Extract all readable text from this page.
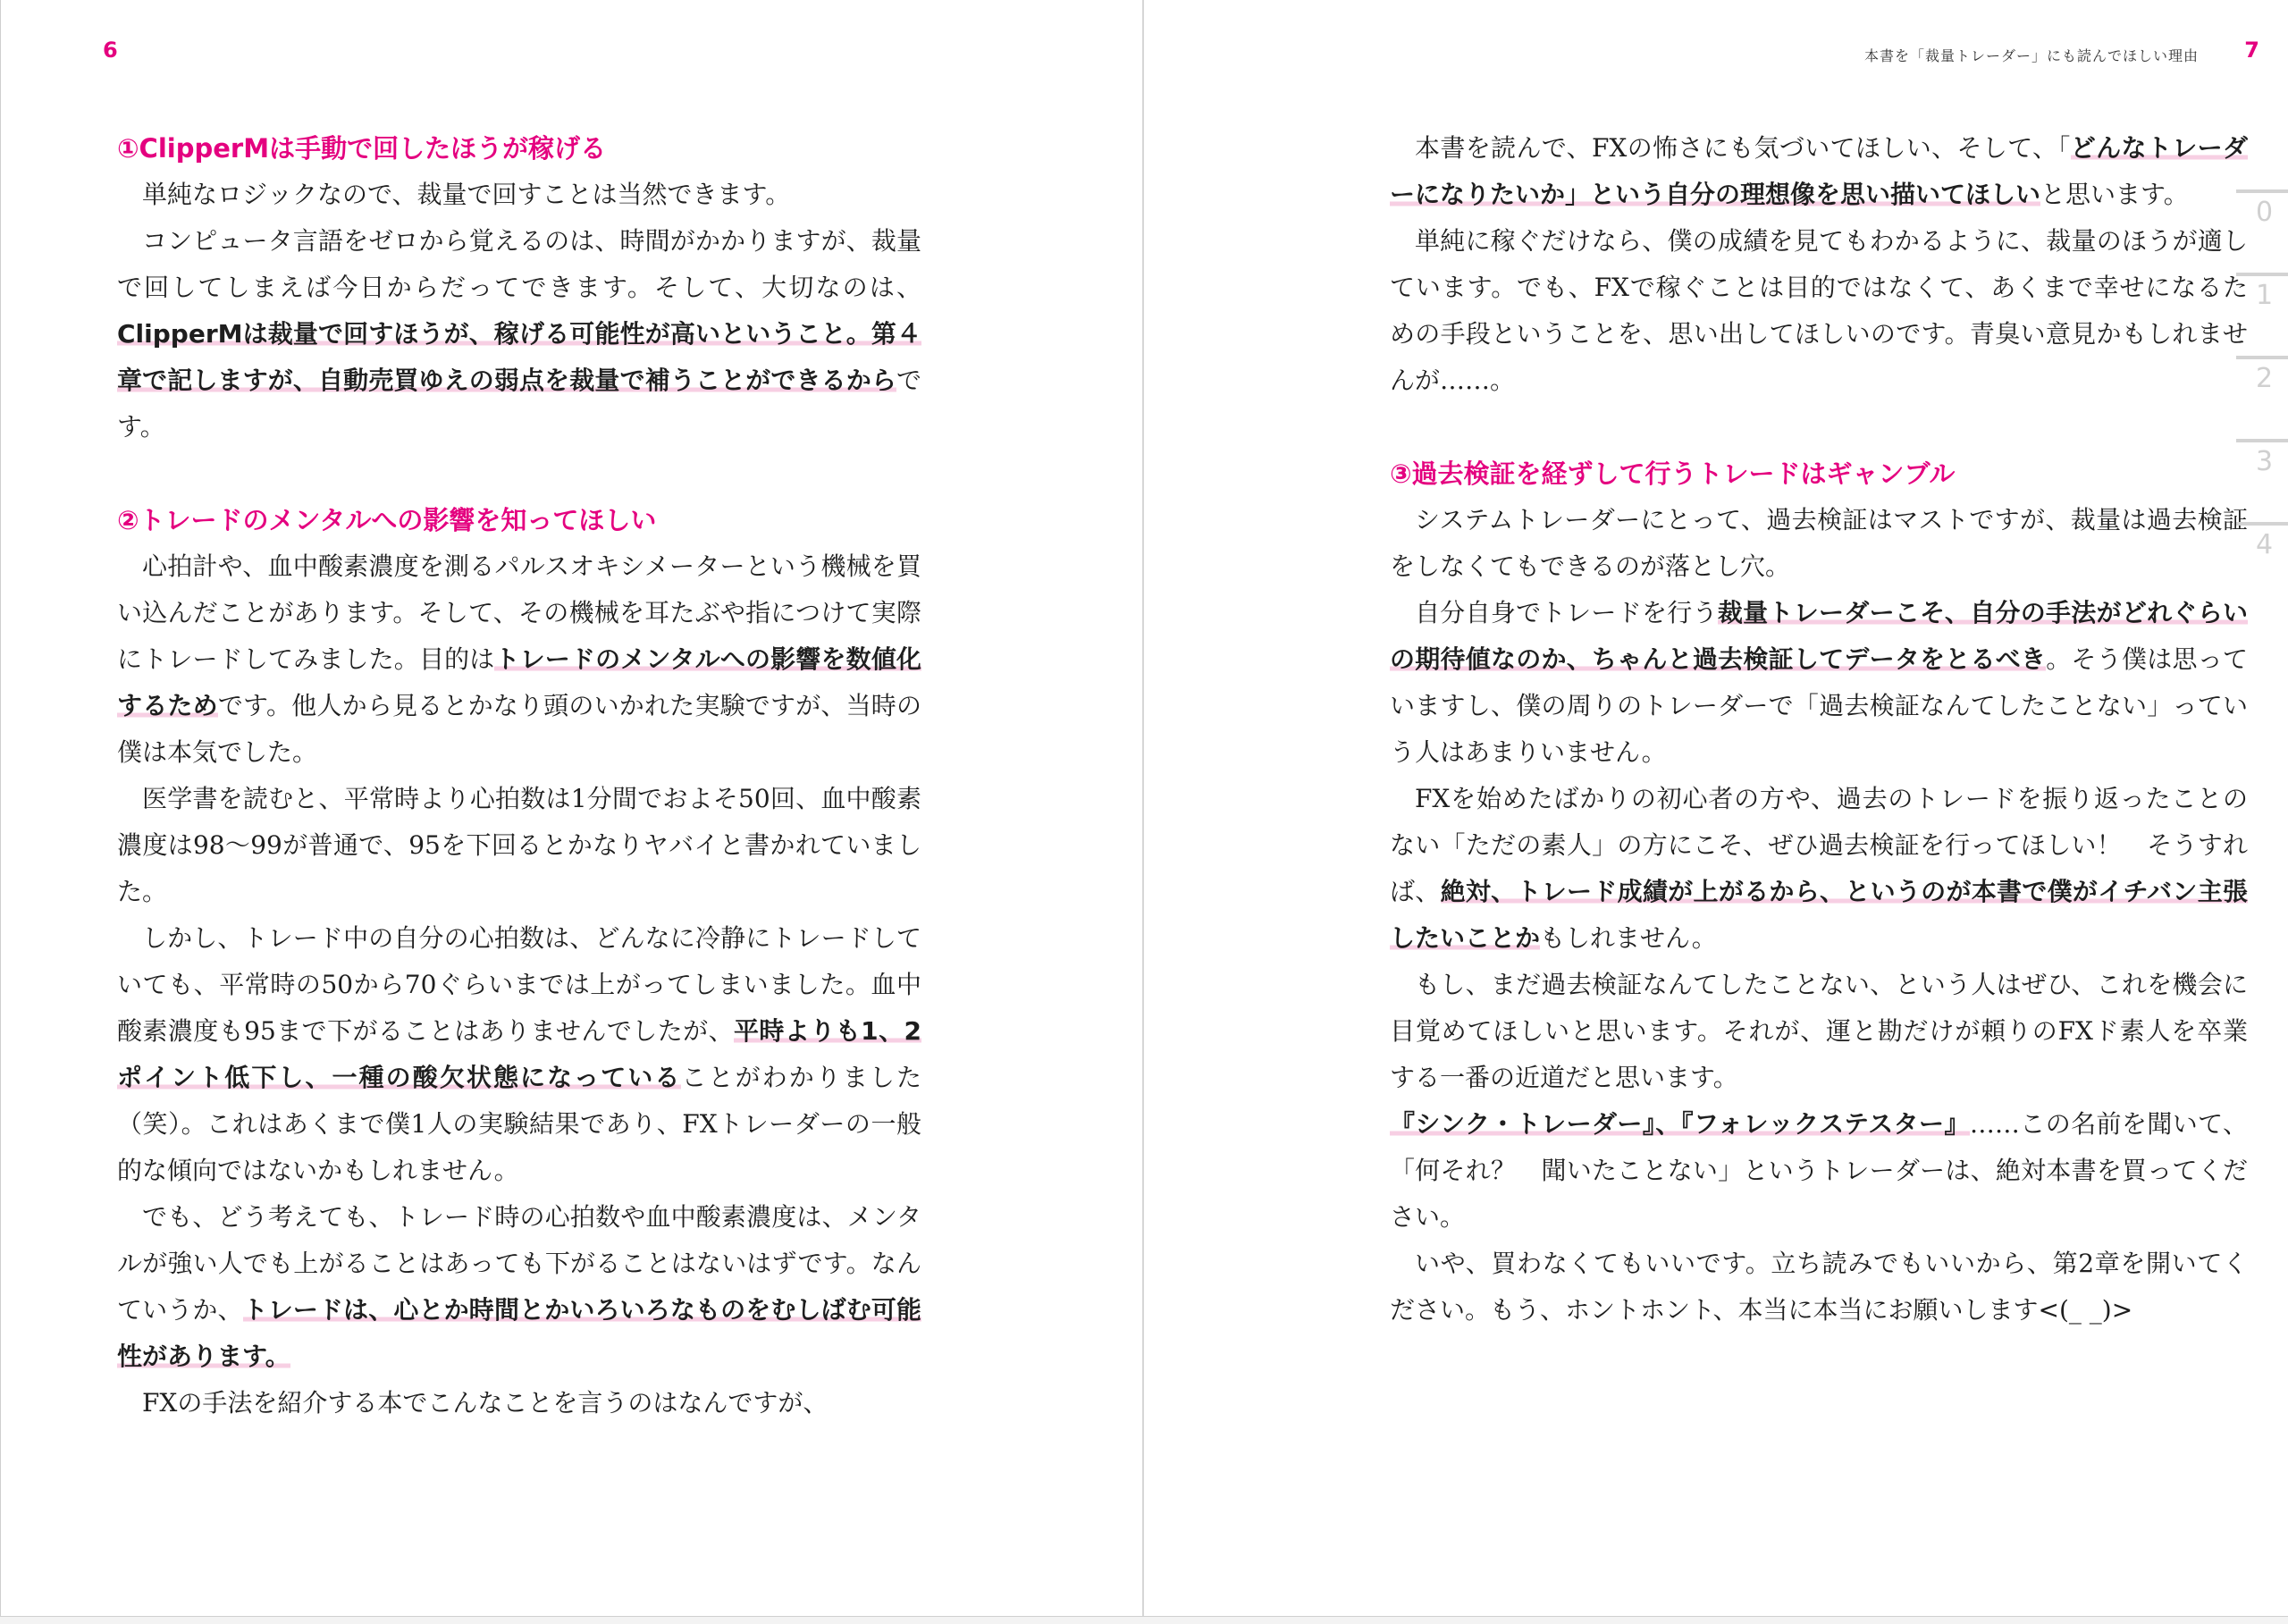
6
①ClipperMは手動で回したほうが稼げる

単純なロジックなので、裁量で回すことは当然できます。

コンピュータ言語をゼロから覚えるのは、時間がかかりますが、裁量で回してしまえば今日からだってできます。そして、大切なのは、ClipperMは裁量で回すほうが、稼げる可能性が高いということ。第４章で記しますが、自動売買ゆえの弱点を裁量で補うことができるからです。

②トレードのメンタルへの影響を知ってほしい

心拍計や、血中酸素濃度を測るパルスオキシメーターという機械を買い込んだことがあります。そして、その機械を耳たぶや指につけて実際にトレードしてみました。目的はトレードのメンタルへの影響を数値化するためです。他人から見るとかなり頭のいかれた実験ですが、当時の僕は本気でした。

医学書を読むと、平常時より心拍数は1分間でおよそ50回、血中酸素濃度は98～99が普通で、95を下回るとかなりヤバイと書かれていました。

しかし、トレード中の自分の心拍数は、どんなに冷静にトレードしていても、平常時の50から70ぐらいまでは上がってしまいました。血中酸素濃度も95まで下がることはありませんでしたが、平時よりも1、2ポイント低下し、一種の酸欠状態になっていることがわかりました（笑）。これはあくまで僕1人の実験結果であり、FXトレーダーの一般的な傾向ではないかもしれません。

でも、どう考えても、トレード時の心拍数や血中酸素濃度は、メンタルが強い人でも上がることはあっても下がることはないはずです。なんていうか、トレードは、心とか時間とかいろいろなものをむしばむ可能性があります。

FXの手法を紹介する本でこんなことを言うのはなんですが、

本書を「裁量トレーダー」にも読んでほしい理由 7

本書を読んで、FXの怖さにも気づいてほしい、そして、「どんなトレーダーになりたいか」という自分の理想像を思い描いてほしいと思います。

単純に稼ぐだけなら、僕の成績を見てもわかるように、裁量のほうが適しています。でも、FXで稼ぐことは目的ではなくて、あくまで幸せになるための手段ということを、思い出してほしいのです。青臭い意見かもしれませんが……。

③過去検証を経ずして行うトレードはギャンブル

システムトレーダーにとって、過去検証はマストですが、裁量は過去検証をしなくてもできるのが落とし穴。

自分自身でトレードを行う裁量トレーダーこそ、自分の手法がどれぐらいの期待値なのか、ちゃんと過去検証してデータをとるべき。そう僕は思っていますし、僕の周りのトレーダーで「過去検証なんてしたことない」っていう人はあまりいません。

FXを始めたばかりの初心者の方や、過去のトレードを振り返ったことのない「ただの素人」の方にこそ、ぜひ過去検証を行ってほしい！　そうすれば、絶対、トレード成績が上がるから、というのが本書で僕がイチバン主張したいことかもしれません。

もし、まだ過去検証なんてしたことない、という人はぜひ、これを機会に目覚めてほしいと思います。それが、運と勘だけが頼りのFXド素人を卒業する一番の近道だと思います。

『シンク・トレーダー』、『フォレックステスター』……この名前を聞いて、「何それ？　聞いたことない」というトレーダーは、絶対本書を買ってください。

いや、買わなくてもいいです。立ち読みでもいいから、第2章を開いてください。もう、ホントホント、本当に本当にお願いします<(_ _)>

0
1
2
3
4
